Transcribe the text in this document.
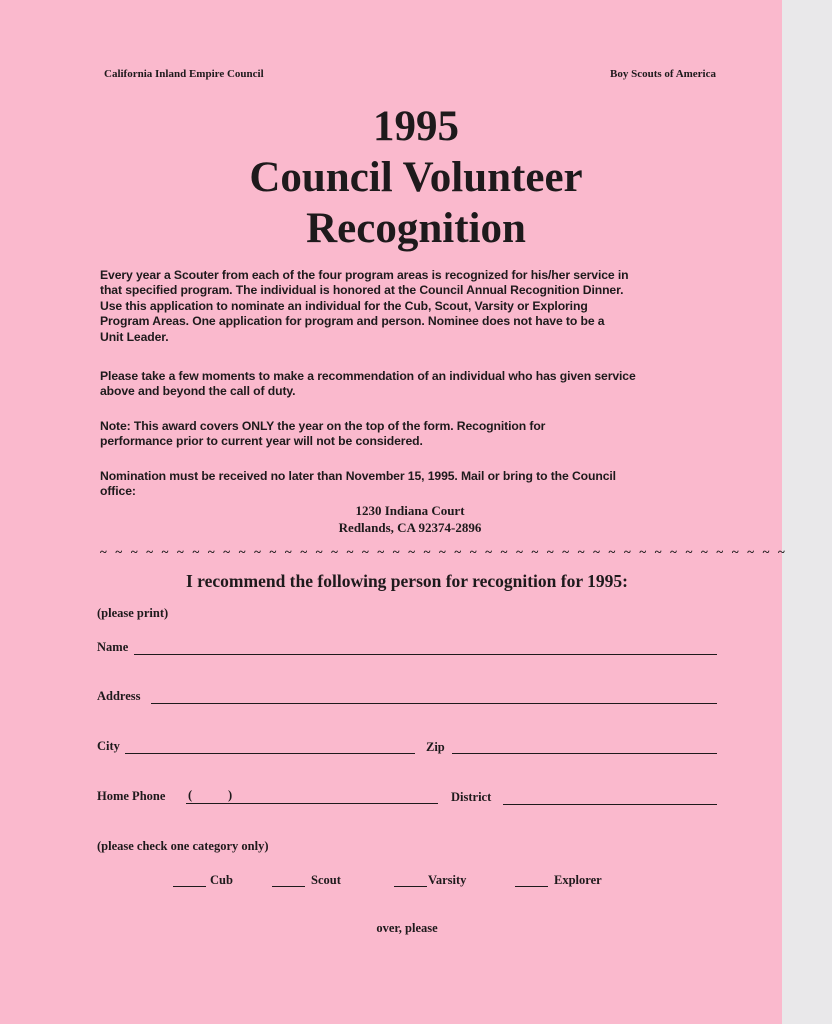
California Inland Empire Council	Boy Scouts of America
1995
Council Volunteer
Recognition
Every year a Scouter from each of the four program areas is recognized for his/her service in
that specified program. The individual is honored at the Council Annual Recognition Dinner.
Use this application to nominate an individual for the Cub, Scout, Varsity or Exploring
Program Areas. One application for program and person. Nominee does not have to be a
Unit Leader.
Please take a few moments to make a recommendation of an individual who has given service
above and beyond the call of duty.
Note: This award covers ONLY the year on the top of the form. Recognition for
performance prior to current year will not be considered.
Nomination must be received no later than November 15, 1995. Mail or bring to the Council
office:
1230 Indiana Court
Redlands, CA 92374-2896
~ ~ ~ ~ ~ ~ ~ ~ ~ ~ ~ ~ ~ ~ ~ ~ ~ ~ ~ ~ ~ ~ ~ ~ ~ ~ ~ ~ ~ ~ ~ ~ ~ ~ ~ ~ ~ ~ ~ ~ ~ ~ ~ ~ ~
I recommend the following person for recognition for 1995:
(please print)
Name
Address
City	Zip
Home Phone (	)	District
(please check one category only)
Cub	Scout	Varsity	Explorer
over, please
